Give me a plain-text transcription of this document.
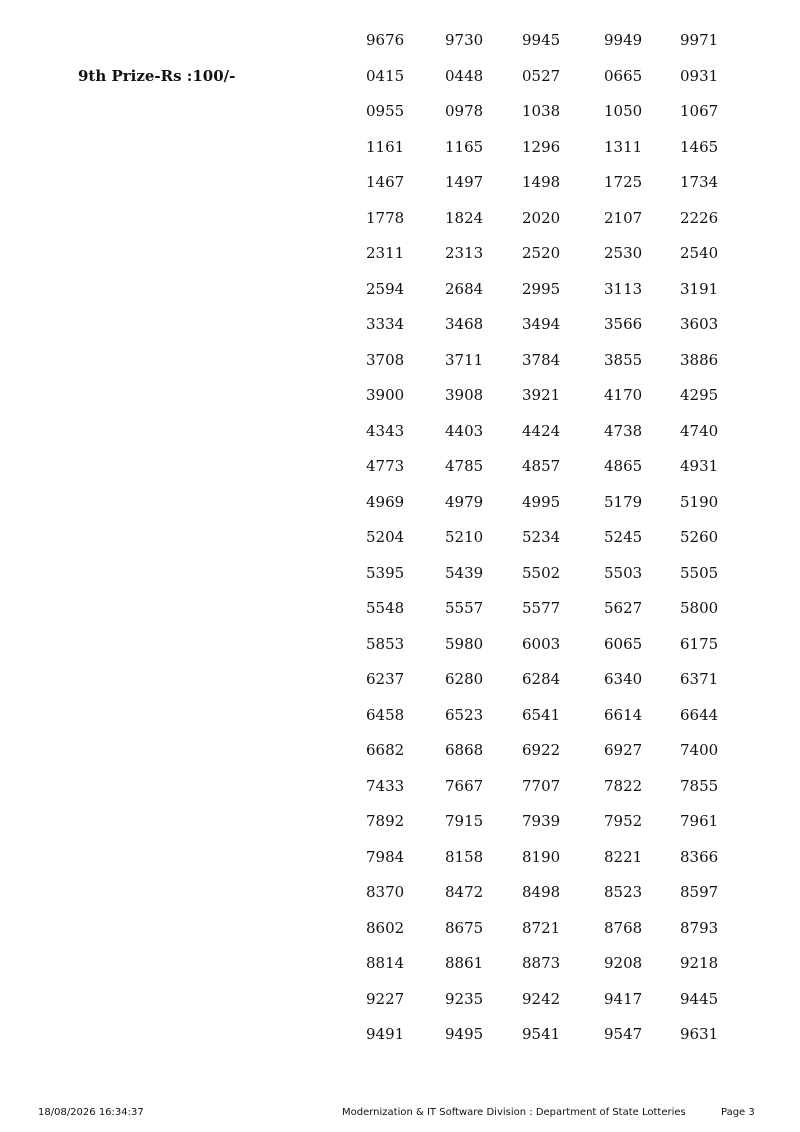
9th Prize-Rs :100/-
9676	9730	9945	9949	9971
0415	0448	0527	0665	0931
0955	0978	1038	1050	1067
1161	1165	1296	1311	1465
1467	1497	1498	1725	1734
1778	1824	2020	2107	2226
2311	2313	2520	2530	2540
2594	2684	2995	3113	3191
3334	3468	3494	3566	3603
3708	3711	3784	3855	3886
3900	3908	3921	4170	4295
4343	4403	4424	4738	4740
4773	4785	4857	4865	4931
4969	4979	4995	5179	5190
5204	5210	5234	5245	5260
5395	5439	5502	5503	5505
5548	5557	5577	5627	5800
5853	5980	6003	6065	6175
6237	6280	6284	6340	6371
6458	6523	6541	6614	6644
6682	6868	6922	6927	7400
7433	7667	7707	7822	7855
7892	7915	7939	7952	7961
7984	8158	8190	8221	8366
8370	8472	8498	8523	8597
8602	8675	8721	8768	8793
8814	8861	8873	9208	9218
9227	9235	9242	9417	9445
9491	9495	9541	9547	9631
18/08/2026 16:34:37	Modernization & IT Software Division : Department of State Lotteries	Page 3
